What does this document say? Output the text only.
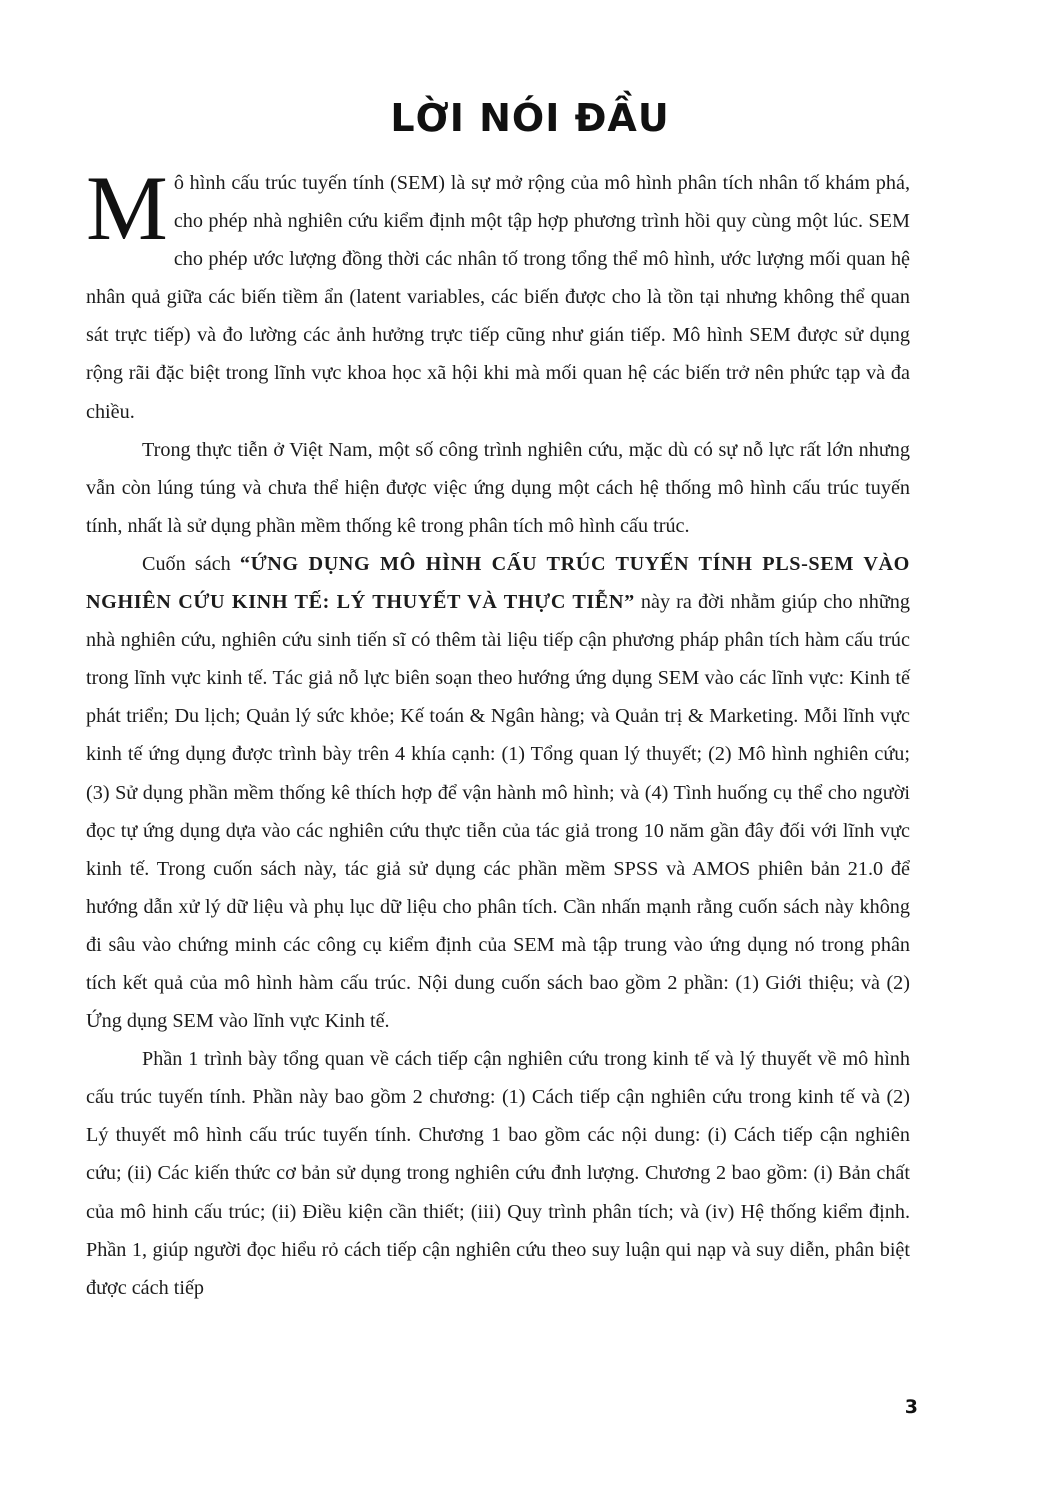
LỜI NÓI ĐẦU

Mô hình cấu trúc tuyến tính (SEM) là sự mở rộng của mô hình phân tích nhân tố khám phá, cho phép nhà nghiên cứu kiểm định một tập hợp phương trình hồi quy cùng một lúc. SEM cho phép ước lượng đồng thời các nhân tố trong tổng thể mô hình, ước lượng mối quan hệ nhân quả giữa các biến tiềm ẩn (latent variables, các biến được cho là tồn tại nhưng không thể quan sát trực tiếp) và đo lường các ảnh hưởng trực tiếp cũng như gián tiếp. Mô hình SEM được sử dụng rộng rãi đặc biệt trong lĩnh vực khoa học xã hội khi mà mối quan hệ các biến trở nên phức tạp và đa chiều.

Trong thực tiễn ở Việt Nam, một số công trình nghiên cứu, mặc dù có sự nỗ lực rất lớn nhưng vẫn còn lúng túng và chưa thể hiện được việc ứng dụng một cách hệ thống mô hình cấu trúc tuyến tính, nhất là sử dụng phần mềm thống kê trong phân tích mô hình cấu trúc.

Cuốn sách “ỨNG DỤNG MÔ HÌNH CẤU TRÚC TUYẾN TÍNH PLS-SEM VÀO NGHIÊN CỨU KINH TẾ: LÝ THUYẾT VÀ THỰC TIỄN” này ra đời nhằm giúp cho những nhà nghiên cứu, nghiên cứu sinh tiến sĩ có thêm tài liệu tiếp cận phương pháp phân tích hàm cấu trúc trong lĩnh vực kinh tế. Tác giả nỗ lực biên soạn theo hướng ứng dụng SEM vào các lĩnh vực: Kinh tế phát triển; Du lịch; Quản lý sức khỏe; Kế toán & Ngân hàng; và Quản trị & Marketing. Mỗi lĩnh vực kinh tế ứng dụng được trình bày trên 4 khía cạnh: (1) Tổng quan lý thuyết; (2) Mô hình nghiên cứu; (3) Sử dụng phần mềm thống kê thích hợp để vận hành mô hình; và (4) Tình huống cụ thể cho người đọc tự ứng dụng dựa vào các nghiên cứu thực tiễn của tác giả trong 10 năm gần đây đối với lĩnh vực kinh tế. Trong cuốn sách này, tác giả sử dụng các phần mềm SPSS và AMOS phiên bản 21.0 để hướng dẫn xử lý dữ liệu và phụ lục dữ liệu cho phân tích. Cần nhấn mạnh rằng cuốn sách này không đi sâu vào chứng minh các công cụ kiểm định của SEM mà tập trung vào ứng dụng nó trong phân tích kết quả của mô hình hàm cấu trúc. Nội dung cuốn sách bao gồm 2 phần: (1) Giới thiệu; và (2) Ứng dụng SEM vào lĩnh vực Kinh tế.

Phần 1 trình bày tổng quan về cách tiếp cận nghiên cứu trong kinh tế và lý thuyết về mô hình cấu trúc tuyến tính. Phần này bao gồm 2 chương: (1) Cách tiếp cận nghiên cứu trong kinh tế và (2) Lý thuyết mô hình cấu trúc tuyến tính. Chương 1 bao gồm các nội dung: (i) Cách tiếp cận nghiên cứu; (ii) Các kiến thức cơ bản sử dụng trong nghiên cứu đnh lượng. Chương 2 bao gồm: (i) Bản chất của mô hinh cấu trúc; (ii) Điều kiện cần thiết; (iii) Quy trình phân tích; và (iv) Hệ thống kiểm định. Phần 1, giúp người đọc hiểu rỏ cách tiếp cận nghiên cứu theo suy luận qui nạp và suy diễn, phân biệt được cách tiếp

3
